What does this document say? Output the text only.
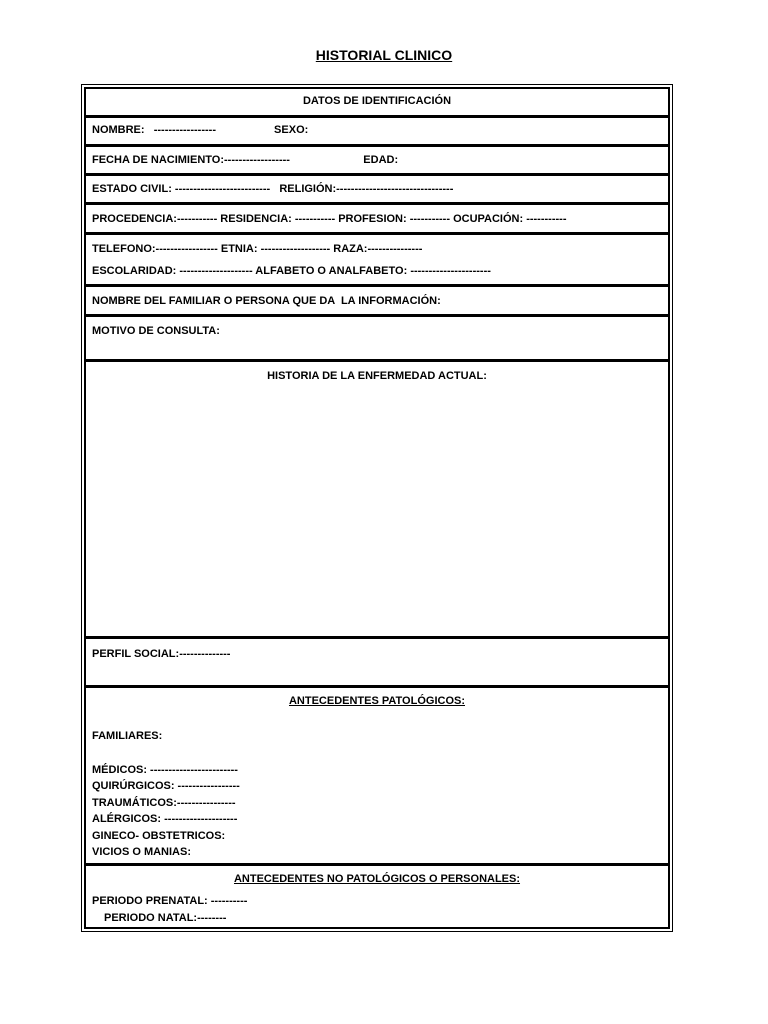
HISTORIAL CLINICO
DATOS DE IDENTIFICACIÓN
NOMBRE:   -----------------                   SEXO:
FECHA DE NACIMIENTO:------------------                        EDAD:
ESTADO CIVIL: --------------------------   RELIGIÓN:--------------------------------
PROCEDENCIA:----------- RESIDENCIA: ----------- PROFESION: ----------- OCUPACIÓN: -----------
TELEFONO:----------------- ETNIA: ------------------- RAZA:---------------
ESCOLARIDAD: -------------------- ALFABETO O ANALFABETO: ----------------------
NOMBRE DEL FAMILIAR O PERSONA QUE DA  LA INFORMACIÓN:
MOTIVO DE CONSULTA:
HISTORIA DE LA ENFERMEDAD ACTUAL:
PERFIL SOCIAL:--------------
ANTECEDENTES PATOLÓGICOS:
FAMILIARES:
MÉDICOS: ------------------------
QUIRÚRGICOS: -----------------
TRAUMÁTICOS:----------------
ALÉRGICOS: --------------------
GINECO- OBSTETRICOS:
VICIOS O MANIAS:
ANTECEDENTES NO PATOLÓGICOS O PERSONALES:
PERIODO PRENATAL: ----------
PERIODO NATAL:--------
